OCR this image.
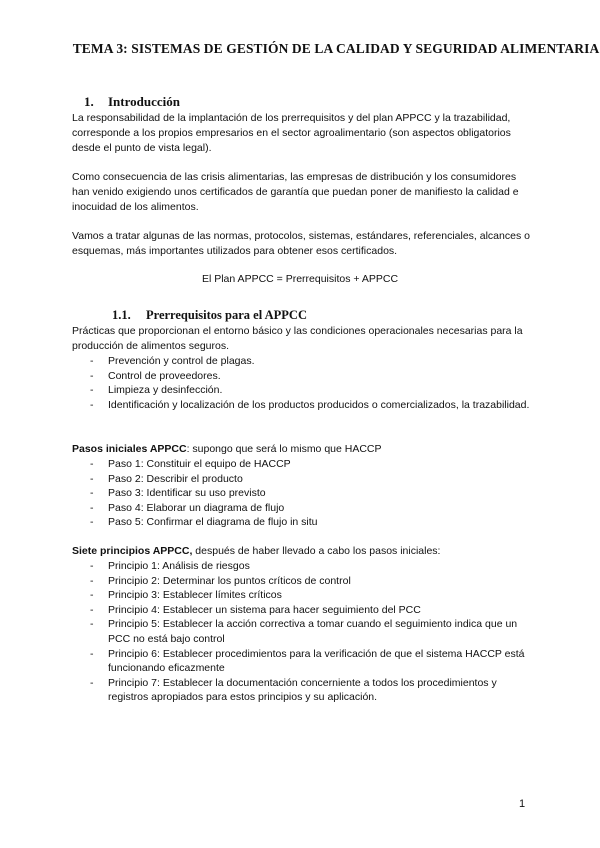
TEMA 3: SISTEMAS DE GESTIÓN DE LA CALIDAD Y SEGURIDAD ALIMENTARIA
1. Introducción

La responsabilidad de la implantación de los prerrequisitos y del plan APPCC y la trazabilidad, corresponde a los propios empresarios en el sector agroalimentario (son aspectos obligatorios desde el punto de vista legal).

Como consecuencia de las crisis alimentarias, las empresas de distribución y los consumidores han venido exigiendo unos certificados de garantía que puedan poner de manifiesto la calidad e inocuidad de los alimentos.

Vamos a tratar algunas de las normas, protocolos, sistemas, estándares, referenciales, alcances o esquemas, más importantes utilizados para obtener esos certificados.

El Plan APPCC = Prerrequisitos + APPCC
1.1. Prerrequisitos para el APPCC

Prácticas que proporcionan el entorno básico y las condiciones operacionales necesarias para la producción de alimentos seguros.

- Prevención y control de plagas.
- Control de proveedores.
- Limpieza y desinfección.
- Identificación y localización de los productos producidos o comercializados, la trazabilidad.

Pasos iniciales APPCC: supongo que será lo mismo que HACCP

- Paso 1: Constituir el equipo de HACCP
- Paso 2: Describir el producto
- Paso 3: Identificar su uso previsto
- Paso 4: Elaborar un diagrama de flujo
- Paso 5: Confirmar el diagrama de flujo in situ

Siete principios APPCC, después de haber llevado a cabo los pasos iniciales:

- Principio 1: Análisis de riesgos
- Principio 2: Determinar los puntos críticos de control
- Principio 3: Establecer límites críticos
- Principio 4: Establecer un sistema para hacer seguimiento del PCC
- Principio 5: Establecer la acción correctiva a tomar cuando el seguimiento indica que un PCC no está bajo control
- Principio 6: Establecer procedimientos para la verificación de que el sistema HACCP está funcionando eficazmente
- Principio 7: Establecer la documentación concerniente a todos los procedimientos y registros apropiados para estos principios y su aplicación.
1
